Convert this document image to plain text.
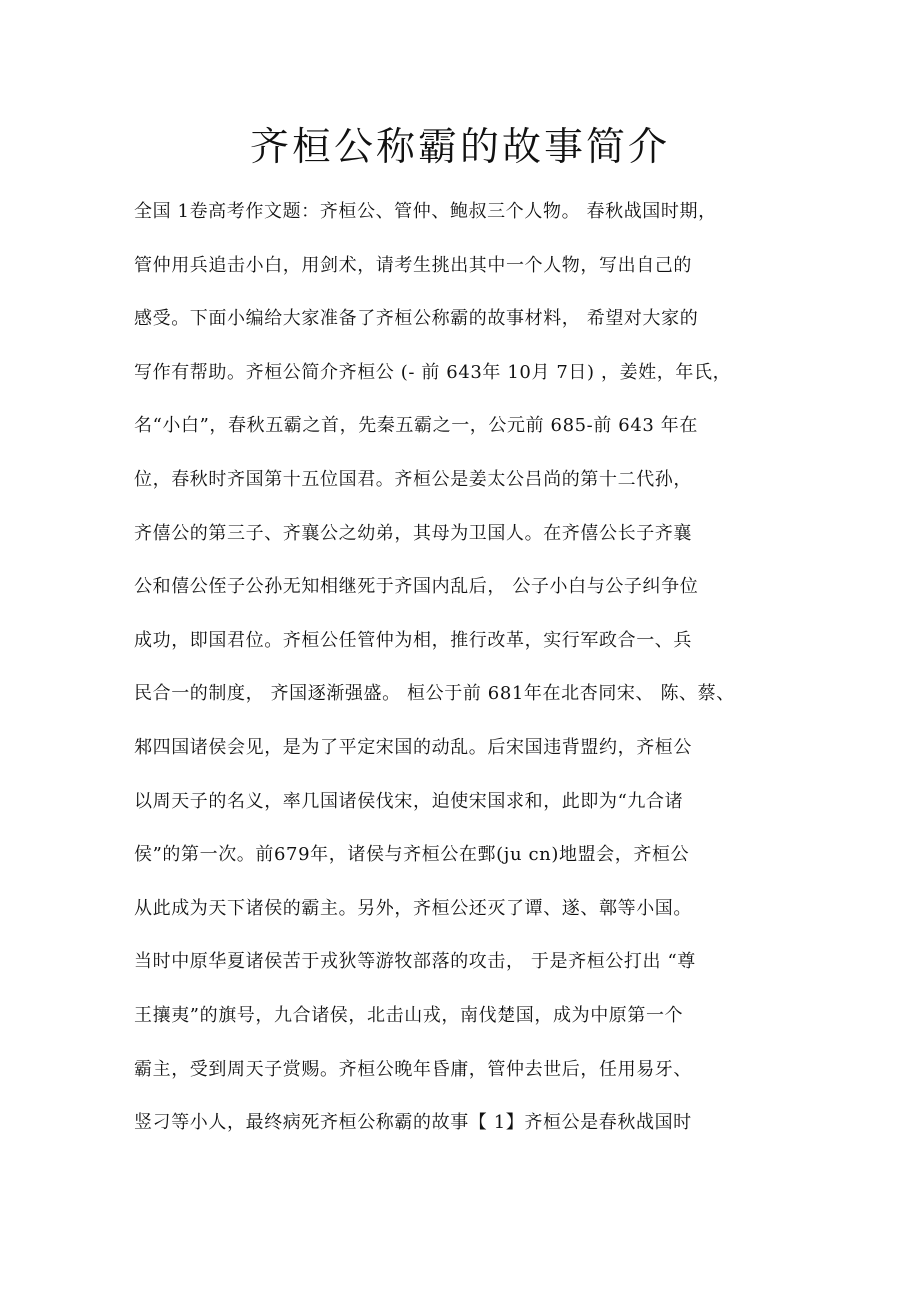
齐桓公称霸的故事简介
全国 1卷高考作文题：齐桓公、管仲、鲍叔三个人物。 春秋战国时期，
管仲用兵追击小白，用剑术，请考生挑出其中一个人物，写出自己的
感受。下面小编给大家准备了齐桓公称霸的故事材料， 希望对大家的
写作有帮助。齐桓公简介齐桓公 (- 前 643年 10月 7日) ，姜姓，年氏，
名“小白”，春秋五霸之首，先秦五霸之一，公元前 685-前 643 年在
位，春秋时齐国第十五位国君。齐桓公是姜太公吕尚的第十二代孙，
齐僖公的第三子、齐襄公之幼弟，其母为卫国人。在齐僖公长子齐襄
公和僖公侄子公孙无知相继死于齐国内乱后， 公子小白与公子纠争位
成功，即国君位。齐桓公任管仲为相，推行改革，实行军政合一、兵
民合一的制度， 齐国逐渐强盛。 桓公于前 681年在北杏同宋、 陈、蔡、
邾四国诸侯会见，是为了平定宋国的动乱。后宋国违背盟约，齐桓公
以周天子的名义，率几国诸侯伐宋，迫使宋国求和，此即为“九合诸
侯”的第一次。前679年，诸侯与齐桓公在鄄(ju cn)地盟会，齐桓公
从此成为天下诸侯的霸主。另外，齐桓公还灭了谭、遂、鄣等小国。
当时中原华夏诸侯苦于戎狄等游牧部落的攻击， 于是齐桓公打出 “尊
王攘夷”的旗号，九合诸侯，北击山戎，南伐楚国，成为中原第一个
霸主，受到周天子赏赐。齐桓公晚年昏庸，管仲去世后，任用易牙、
竖刁等小人，最终病死齐桓公称霸的故事【 1】齐桓公是春秋战国时
